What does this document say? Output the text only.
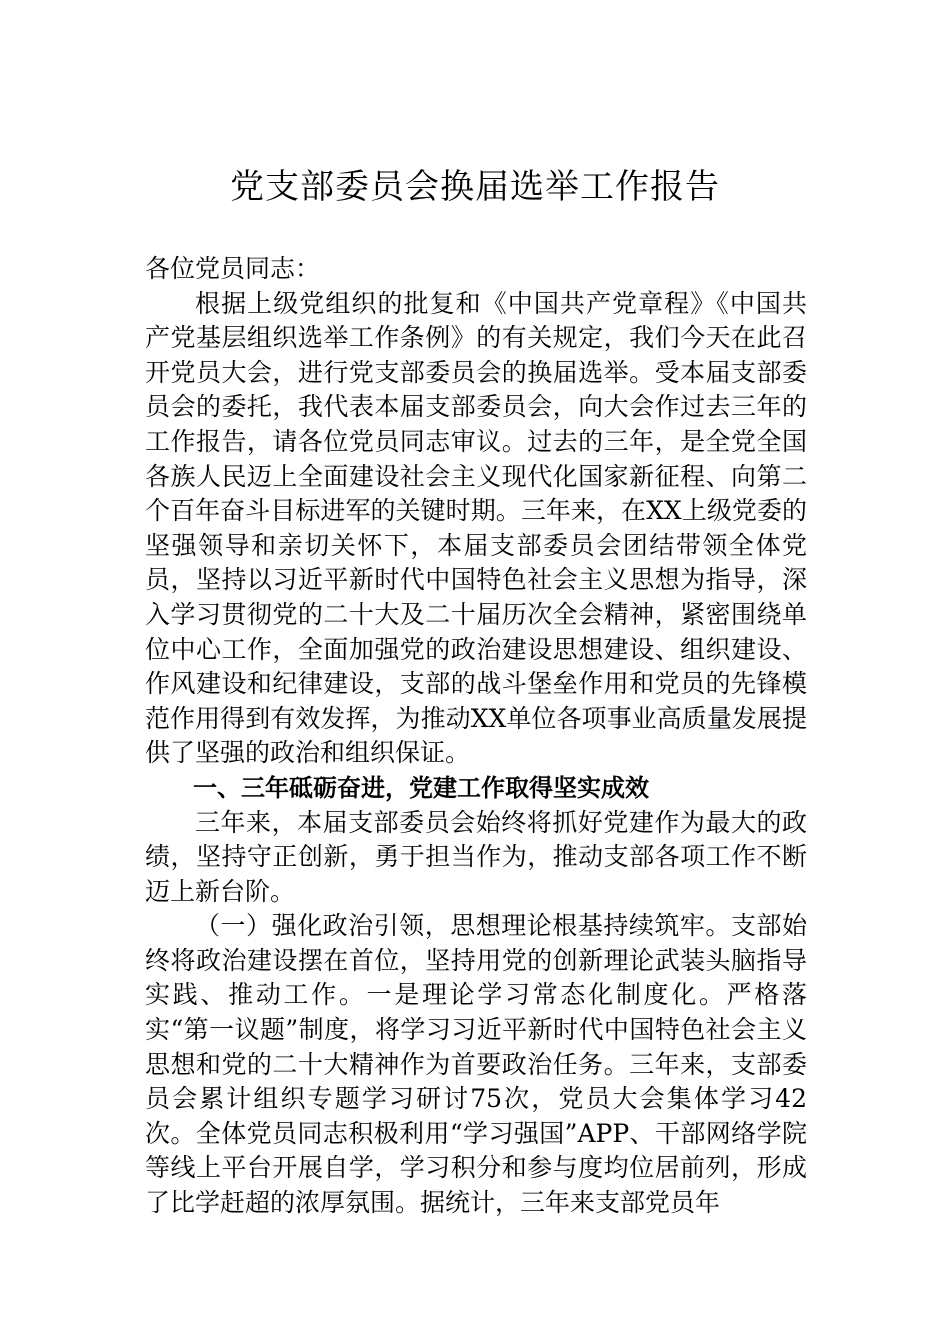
党支部委员会换届选举工作报告

各位党员同志：

根据上级党组织的批复和《中国共产党章程》《中国共产党基层组织选举工作条例》的有关规定，我们今天在此召开党员大会，进行党支部委员会的换届选举。受本届支部委员会的委托，我代表本届支部委员会，向大会作过去三年的工作报告，请各位党员同志审议。过去的三年，是全党全国各族人民迈上全面建设社会主义现代化国家新征程、向第二个百年奋斗目标进军的关键时期。三年来，在XX上级党委的坚强领导和亲切关怀下，本届支部委员会团结带领全体党员，坚持以习近平新时代中国特色社会主义思想为指导，深入学习贯彻党的二十大及二十届历次全会精神，紧密围绕单位中心工作，全面加强党的政治建设思想建设、组织建设、作风建设和纪律建设，支部的战斗堡垒作用和党员的先锋模范作用得到有效发挥，为推动XX单位各项事业高质量发展提供了坚强的政治和组织保证。

一、三年砥砺奋进，党建工作取得坚实成效

三年来，本届支部委员会始终将抓好党建作为最大的政绩，坚持守正创新，勇于担当作为，推动支部各项工作不断迈上新台阶。

（一）强化政治引领，思想理论根基持续筑牢。支部始终将政治建设摆在首位，坚持用党的创新理论武装头脑指导实践、推动工作。一是理论学习常态化制度化。严格落实“第一议题”制度，将学习习近平新时代中国特色社会主义思想和党的二十大精神作为首要政治任务。三年来，支部委员会累计组织专题学习研讨75次，党员大会集体学习42次。全体党员同志积极利用“学习强国”APP、干部网络学院等线上平台开展自学，学习积分和参与度均位居前列，形成了比学赶超的浓厚氛围。据统计，三年来支部党员年
